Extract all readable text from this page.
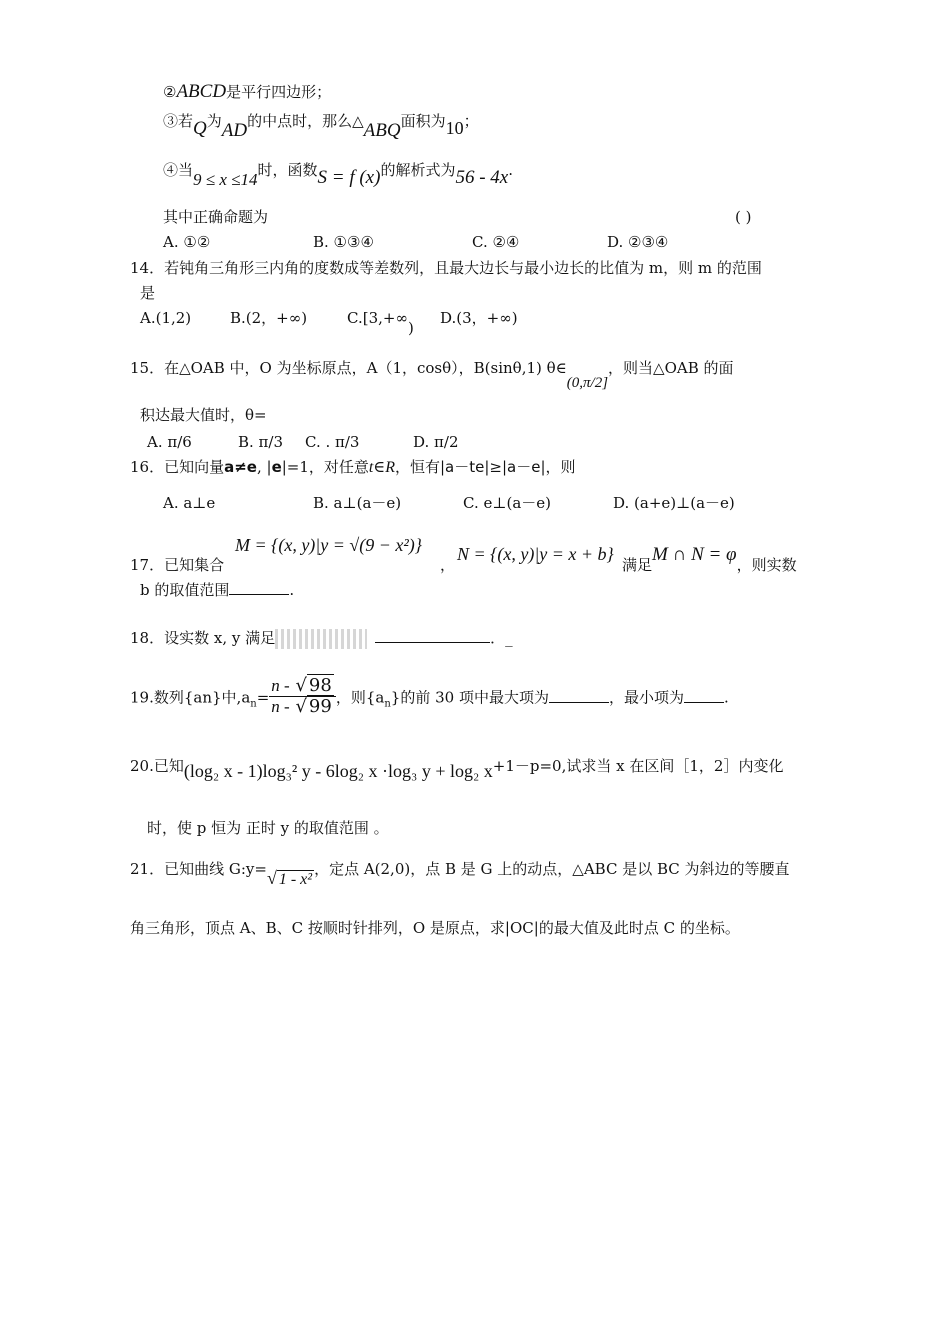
②ABCD是平行四边形；
③若Q为AD的中点时，那么△ABQ面积为10；
④当9 ≤ x ≤14时，函数S = f (x)的解析式为56 - 4x.
其中正确命题为	( )
A. ①②	B. ①③④	C. ②④	D. ②③④
14．若钝角三角形三内角的度数成等差数列，且最大边长与最小边长的比值为 m，则 m 的范围
是
A.(1,2)	B.(2，+∞)	C.[3,+∞)
D.(3，+∞)
15．在△OAB 中，O 为坐标原点，A（1，cosθ），B(sinθ,1) θ∈(0,π/2]，则当△OAB 的面
积达最大值时，θ=
A. π/6	B. π/3 C. . π/3	D. π/2
16．已知向量a≠e, |e|=1，对任意t∈R，恒有|a－te|≥|a－e|，则
A. a⊥e	B. a⊥(a－e)	C. e⊥(a－e)	D. (a+e)⊥(a－e)
17．已知集合
M = {(x, y)|y = √(9 − x²)}
，
N = {(x, y)|y = x + b}
满足M ∩ N = φ，则实数
b 的取值范围	.
18．设实数 x, y 满足	．_
19.数列{an}中$,a_n= \frac{n - √ 98}{n - √ 99}$ ，则$\{a_n\}$的前 30 项中最大项为	，最小项为	.
20.已知(log₂ x - 1)log₃² y - 6log₂ x ·log₃ y + log₂ x+1－p=0,试求当 x 在区间［1，2］内变化
时，使 p 恒为 正时 y 的取值范围 。
21．已知曲线 G:y=√ 1 - x²，定点 A(2,0)，点 B 是 G 上的动点，△ABC 是以 BC 为斜边的等腰直
角三角形，顶点 A、B、C 按顺时针排列，O 是原点，求|OC|的最大值及此时点 C 的坐标。
